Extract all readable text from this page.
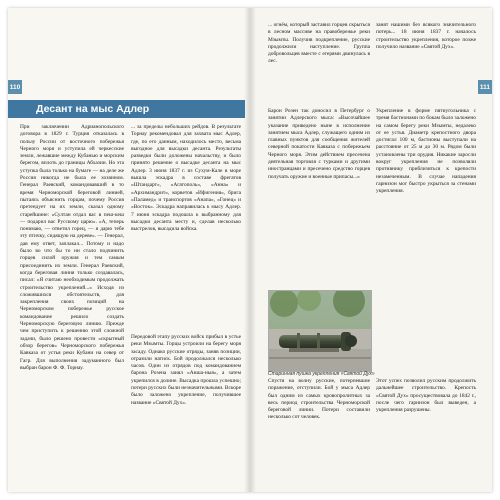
110
Десант на мыс Адлер
При заключении Адрианопольского договора в 1829 г. Турция отказалась в пользу России от восточного побережья Черного моря и уступила ей черкесские земли, лежавшие между Кубанью и морским берегом, вплоть до границы Абхазии. Но эта уступка была только на бумаге — на деле же Россия никогда не была ее хозяином. Генерал Раевский, командовавший в то время Черноморской береговой линией, пытаясь объяснить горцам, почему Россия претендует на их земли, сказал одному старейшине: «Султан отдал вас в пеш-кеш — подарил вас Русскому царю». «А, теперь понимаю, — ответил горец, — я дарю тебе эту птичку, сидящую на дереве». — Генерал, дав ему ответ, заплакал... Потому и надо было во что бы то ни стало подчинить горцев силой оружия и тем самым присоединить их земли. Генерал Раевский, когда береговая линия только создавалась, писал: «Я считаю необходимым продолжать строительство укреплений...» Исходя из сложившихся обстоятельств, для закрепления своих позиций на Черноморском побережье русское командование решило создать Черноморскую береговую линию. Прежде чем приступить к решению этой сложной задачи, было решено провести «скрытный обзор берегов» Черноморского побережья Кавказа от устья реки Кубани на север от Гагр. Для выполнения задуманного был выбран барон Ф. Ф. Торнау.
... за пределы небольших рейдов. В результате Торнау рекомендовал для захвата мыс Адлер, где, по его данным, находилось место, весьма выгодное для высадки десанта. Результаты разведки были доложены начальству, и было принято решение о высадке десанта на мыс Адлер. 3 июня 1837 г. из Сухум-Кале в море вышла эскадра в составе фрегатов «Штандарт», «Агатополь», «Анна» и «Архимандрит», корветов «Ифигения», брига «Паламед» и транспортов «Анапа», «Гонец» и «Восток». Эскадра направилась к мысу Адлер. 7 июня эскадра подошла к выбранному для высадки десанта месту и, сделав несколько выстрелов, высадила войска.
Передовой этапу русских войск прибыл в устье реки Мзымты. Горцы устроили на берегу моря засаду. Однако русские отряды, заняв позиции, отразили натиск. Бой продолжался несколько часов. Один из отрядов под командованием барона Розена занял «Анша-ныя», а затем укрепился в долине. Высадка прошла успешно; потери русских были незначительными. Вскоре было заложено укрепление, получившее название «Святой Дух».
111
... огнём, который заставил горцев скрыться в лесном массиве на правобережье реки Мзымты. Получив подкрепление, русские продолжили наступление. Группа добровольцев вместе с егерями двинулась в лес.
занят нашими без всякого значительного потерь... 18 июня 1837 г. началось строительство укрепления, которое позже получило название «Святой Дух».
Барон Розен так доносил в Петербург о занятии Адлерского мыса: «Высочайшее указание приведено ныне в исполнение занятием мыса Адлер, служащего одним из главных пунктов для сообщения жителей северной покатости Кавказа с побережьем Черного моря. Этим действием пресечена деятельная торговля с турками и другими иностранцами и пресечено средство горцев получать оружие и военные припасы...»
Укрепление в форме пятиугольника с тремя бастионами по бокам было заложено на самом берегу реки Мзымты, недалеко от ее устья. Диаметр крепостного двора достигал 100 м, бастионы выступали на расстояние от 25 м до 30 м. Рядом были установлены три орудия. Никакие заросли вокруг укрепления не позволяли противнику приблизиться к крепости незамеченным. В случае нападения гарнизон мог быстро укрыться за стенами укрепления.
Старинная пушка укрепления «Святой Дух»
Спустя на волну русские, потерпевшие поражение, отступили. Бой у мыса Адлер был одним из самых кровопролитных за весь период строительства Черноморской береговой линии. Потери составили несколько сот человек.
Этот успех позволил русским продолжить дальнейшее строительство. Крепость «Святой Дух» просуществовала до 1842 г., после чего гарнизон был выведен, а укрепления разрушены.
